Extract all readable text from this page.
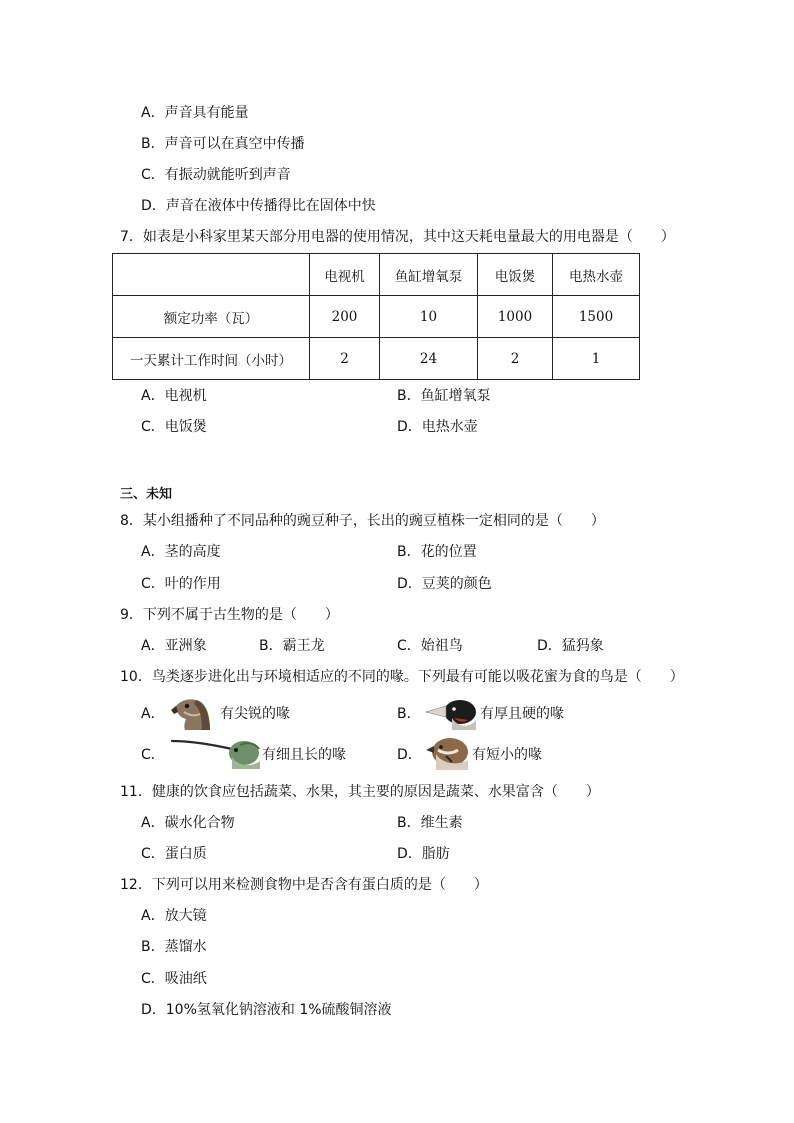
A．声音具有能量
B．声音可以在真空中传播
C．有振动就能听到声音
D．声音在液体中传播得比在固体中快
7．如表是小科家里某天部分用电器的使用情况，其中这天耗电量最大的用电器是（　　）
	电视机	鱼缸增氧泵	电饭煲	电热水壶
额定功率（瓦）	200	10	1000	1500
一天累计工作时间（小时）	2	24	2	1
A．电视机	B．鱼缸增氧泵
C．电饭煲	D．电热水壶
三、未知
8．某小组播种了不同品种的豌豆种子，长出的豌豆植株一定相同的是（　　）
A．茎的高度	B．花的位置
C．叶的作用	D．豆荚的颜色
9．下列不属于古生物的是（　　）
A．亚洲象	B．霸王龙	C．始祖鸟	D．猛犸象
10．鸟类逐步进化出与环境相适应的不同的喙。下列最有可能以吸花蜜为食的鸟是（　　）
A．	有尖锐的喙	B．	有厚且硬的喙
C．	有细且长的喙	D．	有短小的喙
11．健康的饮食应包括蔬菜、水果，其主要的原因是蔬菜、水果富含（　　）
A．碳水化合物	B．维生素
C．蛋白质	D．脂肪
12．下列可以用来检测食物中是否含有蛋白质的是（　　）
A．放大镜
B．蒸馏水
C．吸油纸
D．10%氢氧化钠溶液和 1%硫酸铜溶液
